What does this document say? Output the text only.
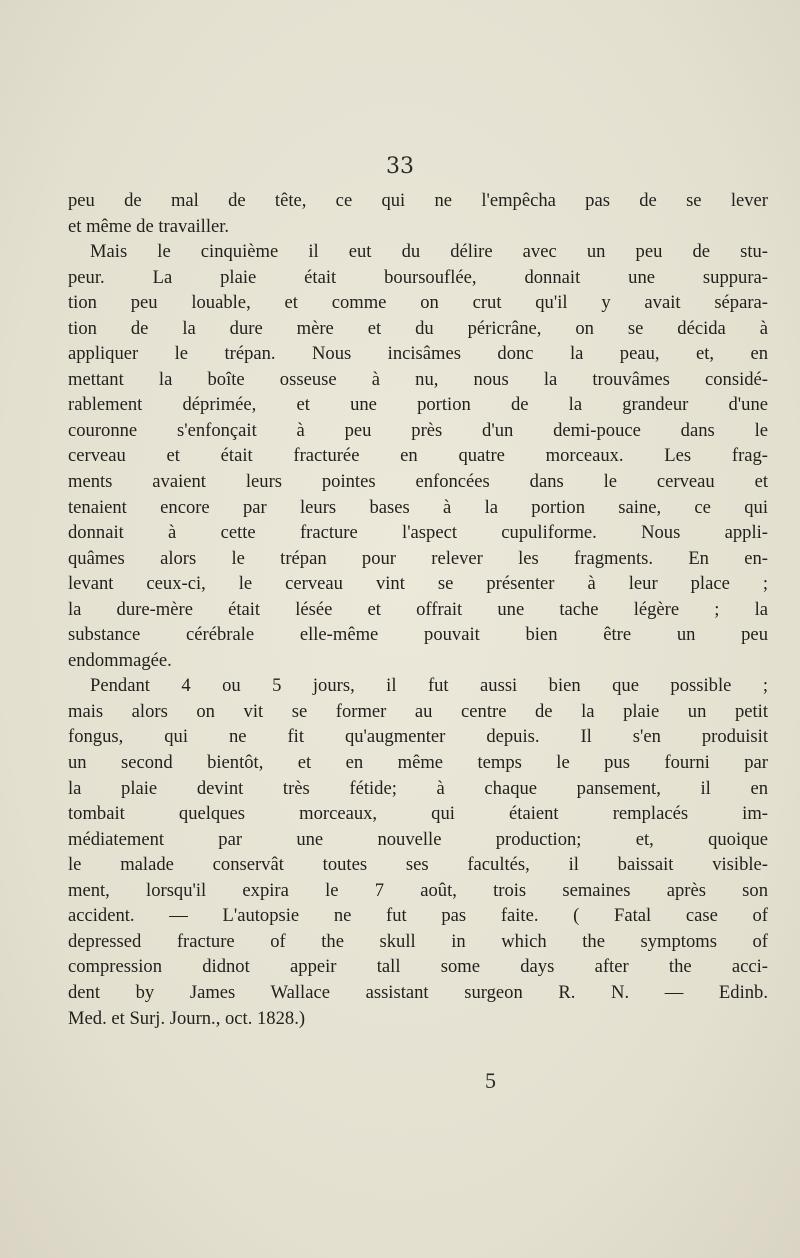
33
peu de mal de tête, ce qui ne l'empêcha pas de se lever
et même de travailler.
Mais le cinquième il eut du délire avec un peu de stu-
peur. La plaie était boursouflée, donnait une suppura-
tion peu louable, et comme on crut qu'il y avait sépara-
tion de la dure mère et du péricrâne, on se décida à
appliquer le trépan. Nous incisâmes donc la peau, et, en
mettant la boîte osseuse à nu, nous la trouvâmes considé-
rablement déprimée, et une portion de la grandeur d'une
couronne s'enfonçait à peu près d'un demi-pouce dans le
cerveau et était fracturée en quatre morceaux. Les frag-
ments avaient leurs pointes enfoncées dans le cerveau et
tenaient encore par leurs bases à la portion saine, ce qui
donnait à cette fracture l'aspect cupuliforme. Nous appli-
quâmes alors le trépan pour relever les fragments. En en-
levant ceux-ci, le cerveau vint se présenter à leur place ;
la dure-mère était lésée et offrait une tache légère ; la
substance cérébrale elle-même pouvait bien être un peu
endommagée.
Pendant 4 ou 5 jours, il fut aussi bien que possible ;
mais alors on vit se former au centre de la plaie un petit
fongus, qui ne fit qu'augmenter depuis. Il s'en produisit
un second bientôt, et en même temps le pus fourni par
la plaie devint très fétide; à chaque pansement, il en
tombait quelques morceaux, qui étaient remplacés im-
médiatement par une nouvelle production; et, quoique
le malade conservât toutes ses facultés, il baissait visible-
ment, lorsqu'il expira le 7 août, trois semaines après son
accident. — L'autopsie ne fut pas faite. ( Fatal case of
depressed fracture of the skull in which the symptoms of
compression didnot appeir tall some days after the acci-
dent by James Wallace assistant surgeon R. N. — Edinb.
Med. et Surj. Journ., oct. 1828.)
5
